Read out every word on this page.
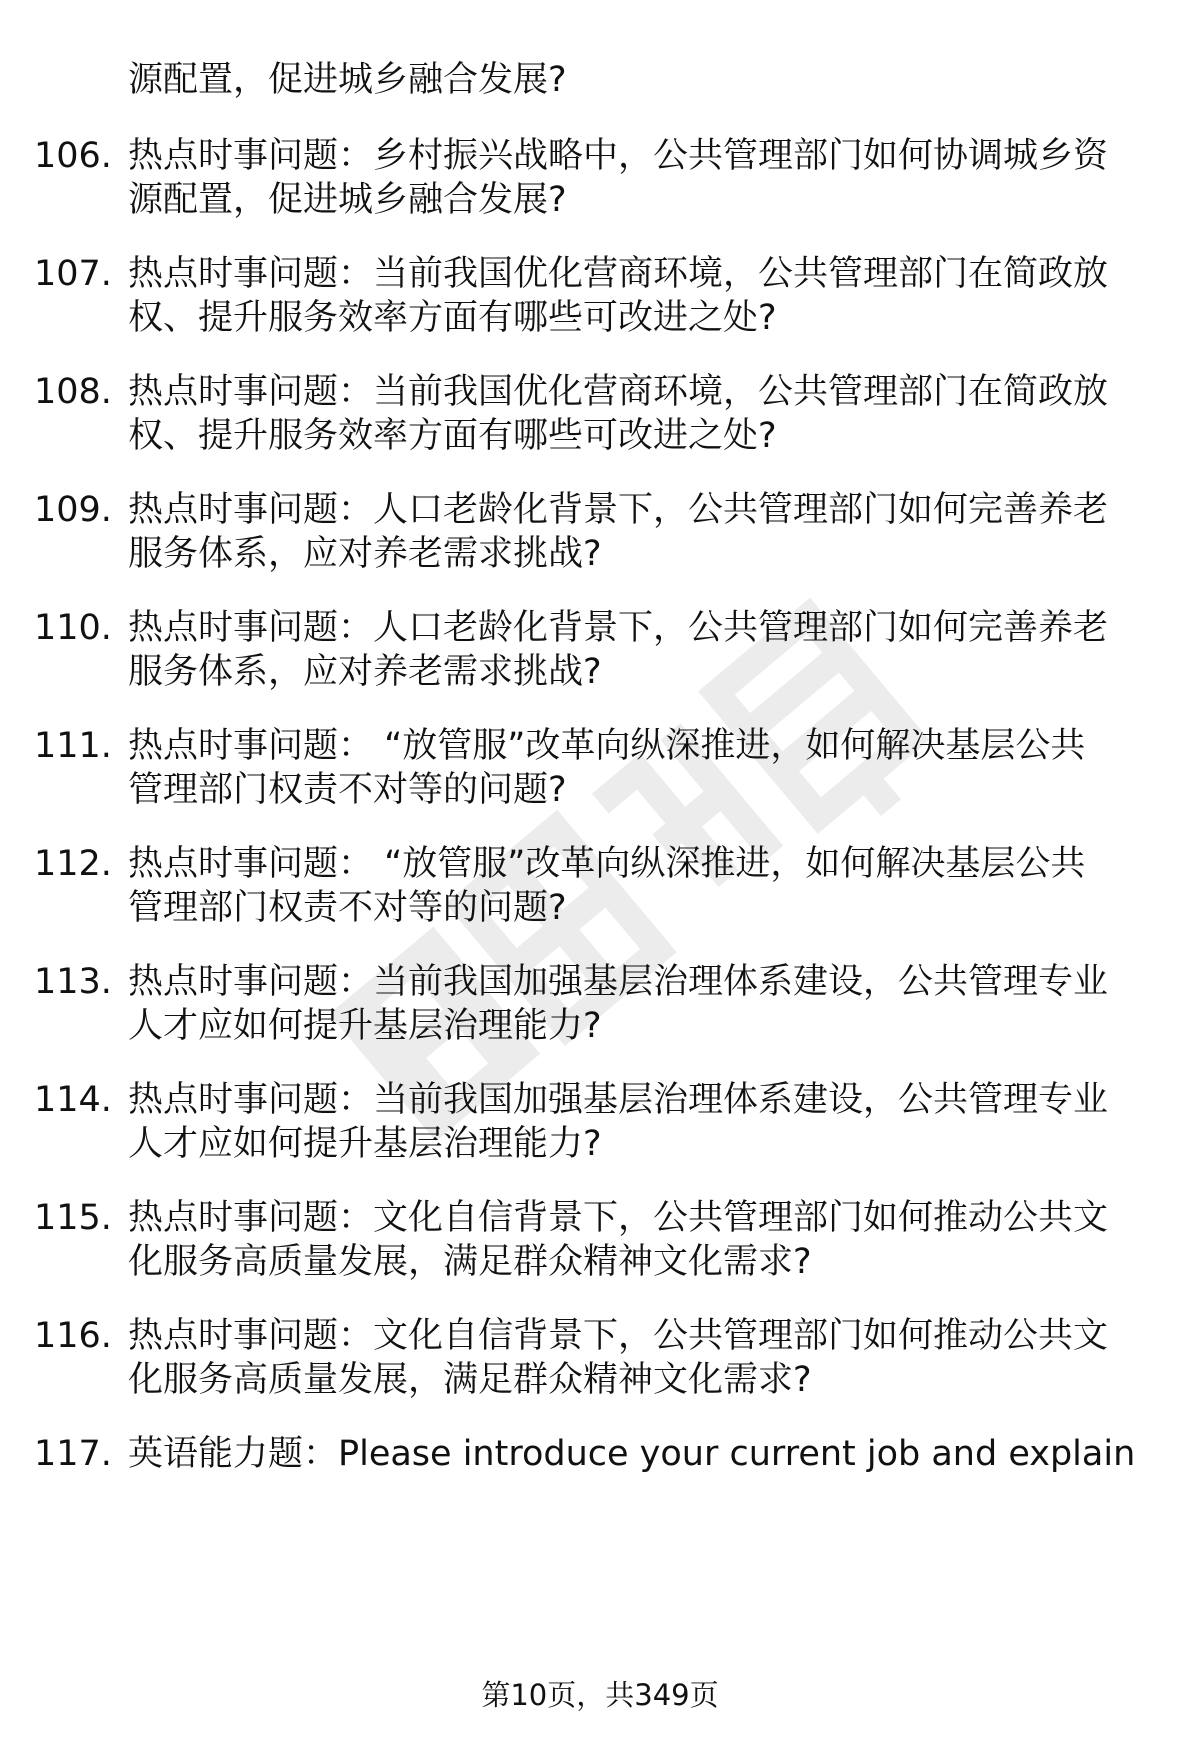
源配置，促进城乡融合发展?
106. 热点时事问题：乡村振兴战略中，公共管理部门如何协调城乡资
源配置，促进城乡融合发展?
107. 热点时事问题：当前我国优化营商环境，公共管理部门在简政放
权、提升服务效率方面有哪些可改进之处?
108. 热点时事问题：当前我国优化营商环境，公共管理部门在简政放
权、提升服务效率方面有哪些可改进之处?
109. 热点时事问题：人口老龄化背景下，公共管理部门如何完善养老
服务体系，应对养老需求挑战?
110. 热点时事问题：人口老龄化背景下，公共管理部门如何完善养老
服务体系，应对养老需求挑战?
111. 热点时事问题： “放管服”改革向纵深推进，如何解决基层公共
管理部门权责不对等的问题?
112. 热点时事问题： “放管服”改革向纵深推进，如何解决基层公共
管理部门权责不对等的问题?
113. 热点时事问题：当前我国加强基层治理体系建设，公共管理专业
人才应如何提升基层治理能力?
114. 热点时事问题：当前我国加强基层治理体系建设，公共管理专业
人才应如何提升基层治理能力?
115. 热点时事问题：文化自信背景下，公共管理部门如何推动公共文
化服务高质量发展，满足群众精神文化需求?
116. 热点时事问题：文化自信背景下，公共管理部门如何推动公共文
化服务高质量发展，满足群众精神文化需求?
117. 英语能力题：Please introduce your current job and explain
第10页，共349页
